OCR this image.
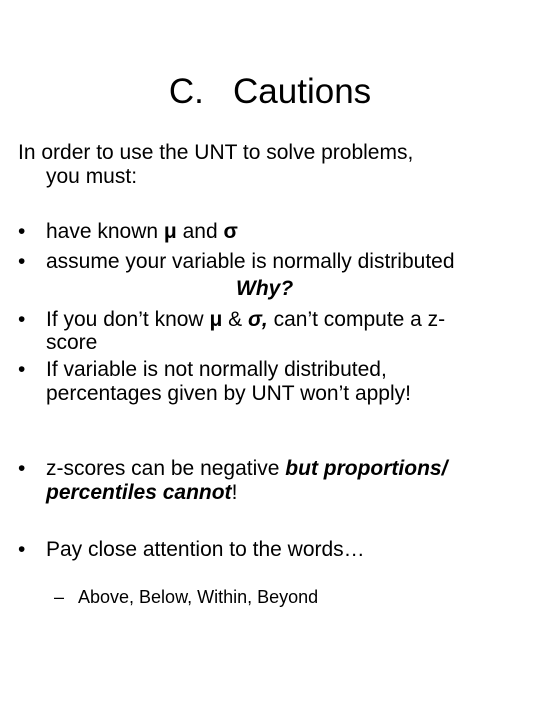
C.   Cautions
In order to use the UNT to solve problems,
you must:
• have known μ and σ
• assume your variable is normally distributed
Why?
• If you don’t know μ & σ, can’t compute a z-
score
• If variable is not normally distributed,
percentages given by UNT won’t apply!
• z-scores can be negative but proportions/
percentiles cannot!
• Pay close attention to the words…
– Above, Below, Within, Beyond
